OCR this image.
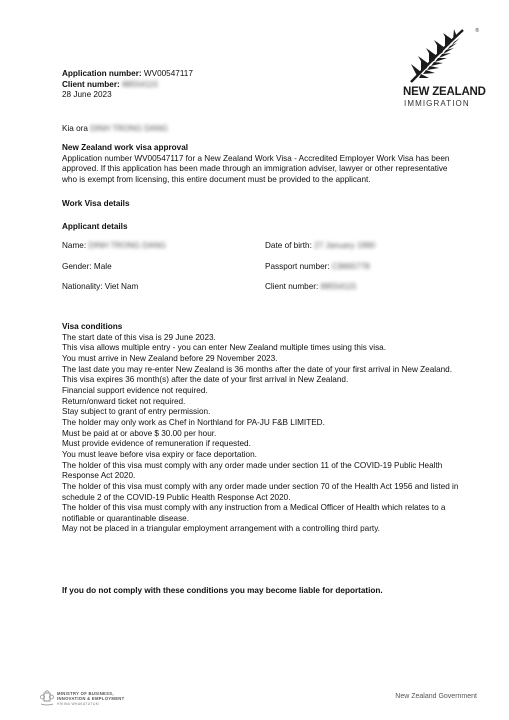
®
NEW ZEALAND
IMMIGRATION
Application number: WV00547117
Client number: 88554115
28 June 2023
Kia ora DINH TRONG DANG
New Zealand work visa approval
Application number WV00547117 for a New Zealand Work Visa - Accredited Employer Work Visa has been approved. If this application has been made through an immigration adviser, lawyer or other representative who is exempt from licensing, this entire document must be provided to the applicant.
Work Visa details
Applicant details
Name: DINH TRONG DANG
Gender: Male
Nationality: Viet Nam
Date of birth: 27 January 1990
Passport number: C9665778
Client number: 88554115
Visa conditions
The start date of this visa is 29 June 2023.
This visa allows multiple entry - you can enter New Zealand multiple times using this visa.
You must arrive in New Zealand before 29 November 2023.
The last date you may re-enter New Zealand is 36 months after the date of your first arrival in New Zealand.
This visa expires 36 month(s) after the date of your first arrival in New Zealand.
Financial support evidence not required.
Return/onward ticket not required.
Stay subject to grant of entry permission.
The holder may only work as Chef in Northland for PA-JU F&B LIMITED.
Must be paid at or above $ 30.00 per hour.
Must provide evidence of remuneration if requested.
You must leave before visa expiry or face deportation.
The holder of this visa must comply with any order made under section 11 of the COVID-19 Public Health Response Act 2020.
The holder of this visa must comply with any order made under section 70 of the Health Act 1956 and listed in schedule 2 of the COVID-19 Public Health Response Act 2020.
The holder of this visa must comply with any instruction from a Medical Officer of Health which relates to a notifiable or quarantinable disease.
May not be placed in a triangular employment arrangement with a controlling third party.
If you do not comply with these conditions you may become liable for deportation.
MINISTRY OF BUSINESS,
INNOVATION & EMPLOYMENT
HĪKINA WHAKATUTUKI
New Zealand Government
